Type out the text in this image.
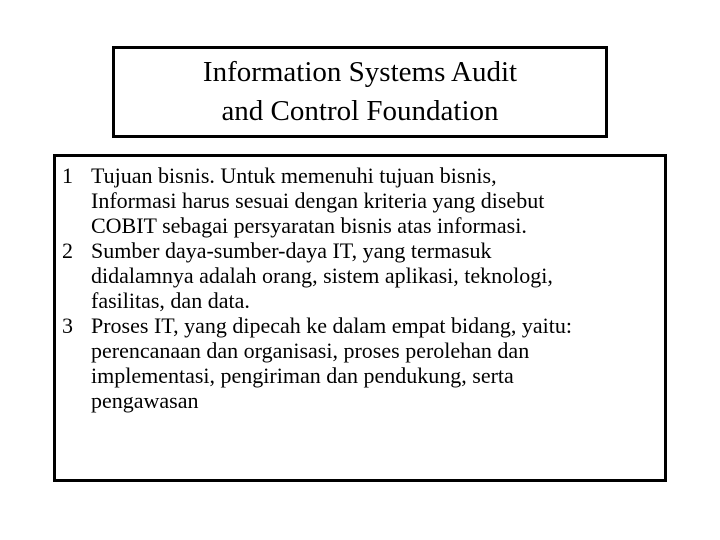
Information Systems Audit
and Control Foundation
1 Tujuan bisnis. Untuk memenuhi tujuan bisnis,
Informasi harus sesuai dengan kriteria yang disebut
COBIT sebagai persyaratan bisnis atas informasi.
2 Sumber daya-sumber-daya IT, yang termasuk
didalamnya adalah orang, sistem aplikasi, teknologi,
fasilitas, dan data.
3 Proses IT, yang dipecah ke dalam empat bidang, yaitu:
perencanaan dan organisasi, proses perolehan dan
implementasi, pengiriman dan pendukung, serta
pengawasan
